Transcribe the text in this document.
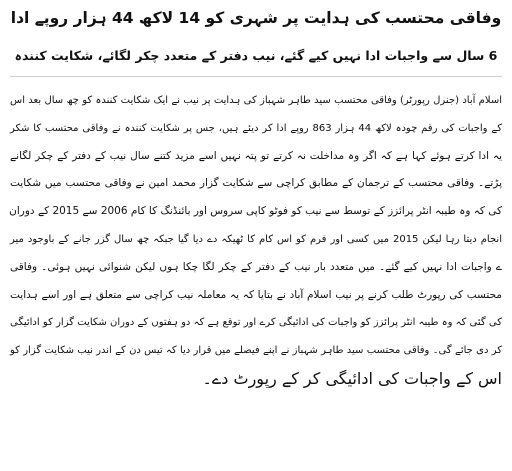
وفاقی محتسب کی ہدایت پر شہری کو 14 لاکھ 44 ہزار روپے ادا

6 سال سے واجبات ادا نہیں کیے گئے، نیب دفتر کے متعدد چکر لگائے، شکایت کنندہ

اسلام آباد (جنرل رپورٹر) وفاقی محتسب سید طاہر شہباز کی ہدایت پر نیب نے ایک شکایت کنندہ کو چھ سال بعد اس
کے واجبات کی رقم چودہ لاکھ 44 ہزار 863 روپے ادا کر دیئے ہیں، جس پر شکایت کنندہ نے وفاقی محتسب کا شکر
یہ ادا کرتے ہوئے کہا ہے کہ اگر وہ مداخلت نہ کرتے تو پتہ نہیں اسے مزید کتنے سال نیب کے دفتر کے چکر لگانے
پڑتے۔ وفاقی محتسب کے ترجمان کے مطابق کراچی سے شکایت گزار محمد امین نے وفاقی محتسب میں شکایت
کی کہ وہ طیبہ انٹر پرائزز کے توسط سے نیب کو فوٹو کاپی سروس اور بائنڈنگ کا کام 2006 سے 2015 کے دوران
انجام دیتا رہا لیکن 2015 میں کسی اور فرم کو اس کام کا ٹھیکہ دے دیا گیا جبکہ چھ سال گزر جانے کے باوجود میر
ے واجبات ادا نہیں کیے گئے۔ میں متعدد بار نیب کے دفتر کے چکر لگا چکا ہوں لیکن شنوائی نہیں ہوئی۔ وفاقی
محتسب کی رپورٹ طلب کرنے پر نیب اسلام آباد نے بتایا کہ یہ معاملہ نیب کراچی سے متعلق ہے اور اسے ہدایت
کی گئی کہ وہ طیبہ انٹر پرائزز کو واجبات کی ادائیگی کرے اور توقع ہے کہ دو ہفتوں کے دوران شکایت گزار کو ادائیگی
کر دی جائے گی۔ وفاقی محتسب سید طاہر شہباز نے اپنے فیصلے میں قرار دیا کہ تیس دن کے اندر نیب شکایت گزار کو
اس کے واجبات کی ادائیگی کر کے رپورٹ دے۔
